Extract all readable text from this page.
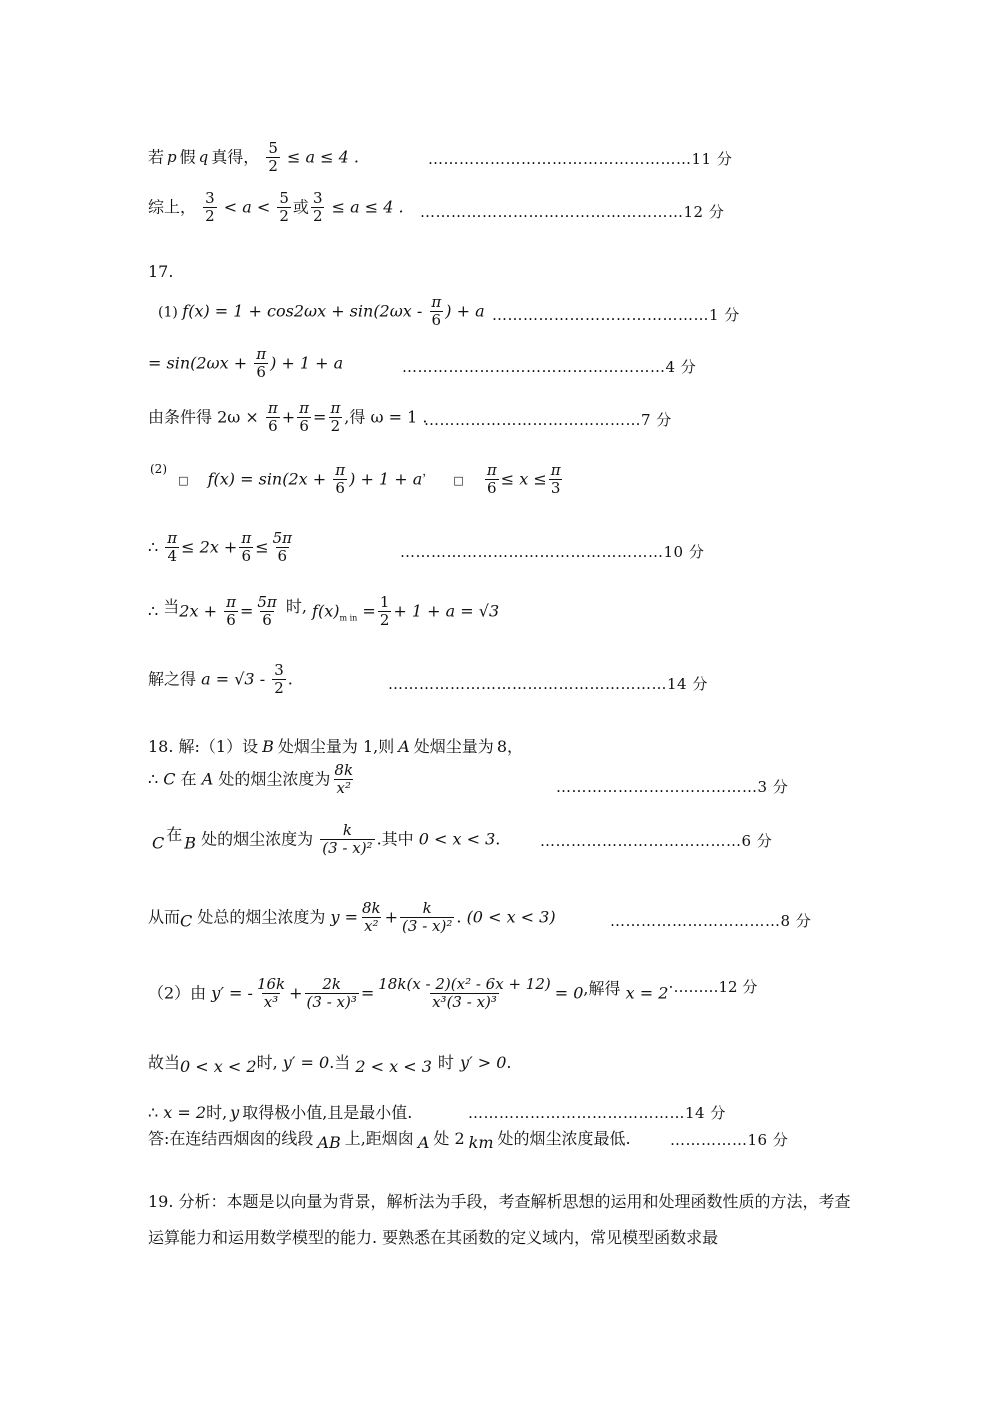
若 p 假 q 真得， $\frac{5}{2} \le a \le 4$ .	……………………………………………11 分
综上， $\frac{3}{2} < a < \frac{5}{2}$ 或 $\frac{3}{2} \le a \le 4$ . ……………………………………………12 分
17.
(1) $f(x) = 1 + \cos 2\omega x + \sin(2\omega x - \frac{\pi}{6}$ ) + a ……………………………………1 分
= $\sin(2\omega x + \frac{\pi}{6}$ ) + 1 + a	……………………………………………4 分
由条件得 $2\omega \times \frac{\pi}{6} + \frac{\pi}{6} = \frac{\pi}{2}$ ,得 ω = 1 .
……………………………………7 分
$^{(2)}$ □ $f(x) = \sin(2x + \frac{\pi}{6}$ ) + 1 + a， □ $\frac{\pi}{6} \le x \le \frac{\pi}{3}$
∴ $\frac{\pi}{4} \le 2x + \frac{\pi}{6} \le \frac{5\pi}{6}$	……………………………………………10 分
∴ 当$2x + \frac{\pi}{6} = \frac{5\pi}{6}$ 时, $f(x)_{m in} = \frac{1}{2} + 1 + a = √3$
解之得 $a = √3 - \frac{3}{2}$ .	………………………………………………14 分
18. 解:（1）设 B 处烟尘量为 1,则 A 处烟尘量为 8，
∴ C 在 A 处的烟尘浓度为 $\frac{8k}{\text{x²}}$	…………………………………3 分
C 在 B 处的烟尘浓度为 $\frac{k}{\text{(3 - x)²}}$ .其中 0 < x < 3.	…………………………………6 分
从而C 处总的烟尘浓度为 $y = \frac{8k}{\text{x²}} + \frac{k}{\text{(3 - x)²}}$ . (0 < x < 3)	……………………………8 分
（2）由 y′ = - $\frac{16k}{\text{x³}} + \frac{2k}{\text{(3 - x)³}} = \frac{\text{18k(x - 2)(x² - 6x + 12)}}{\text{x³(3 - x)³}} = 0$,解得 x = 2⋅………12 分
故当0 < x < 2时, y′ = 0.当 2 < x < 3 时 y′ > 0.
∴ x = 2时, y 取得极小值,且是最小值.	……………………………………14 分
答:在连结西烟囱的线段 AB 上,距烟囱 A 处 2 km 处的烟尘浓度最低.	……………16 分
19. 分析：本题是以向量为背景，解析法为手段，考查解析思想的运用和处理函数性质的方法，考查运算能力和运用数学模型的能力. 要熟悉在其函数的定义域内，常见模型函数求最
